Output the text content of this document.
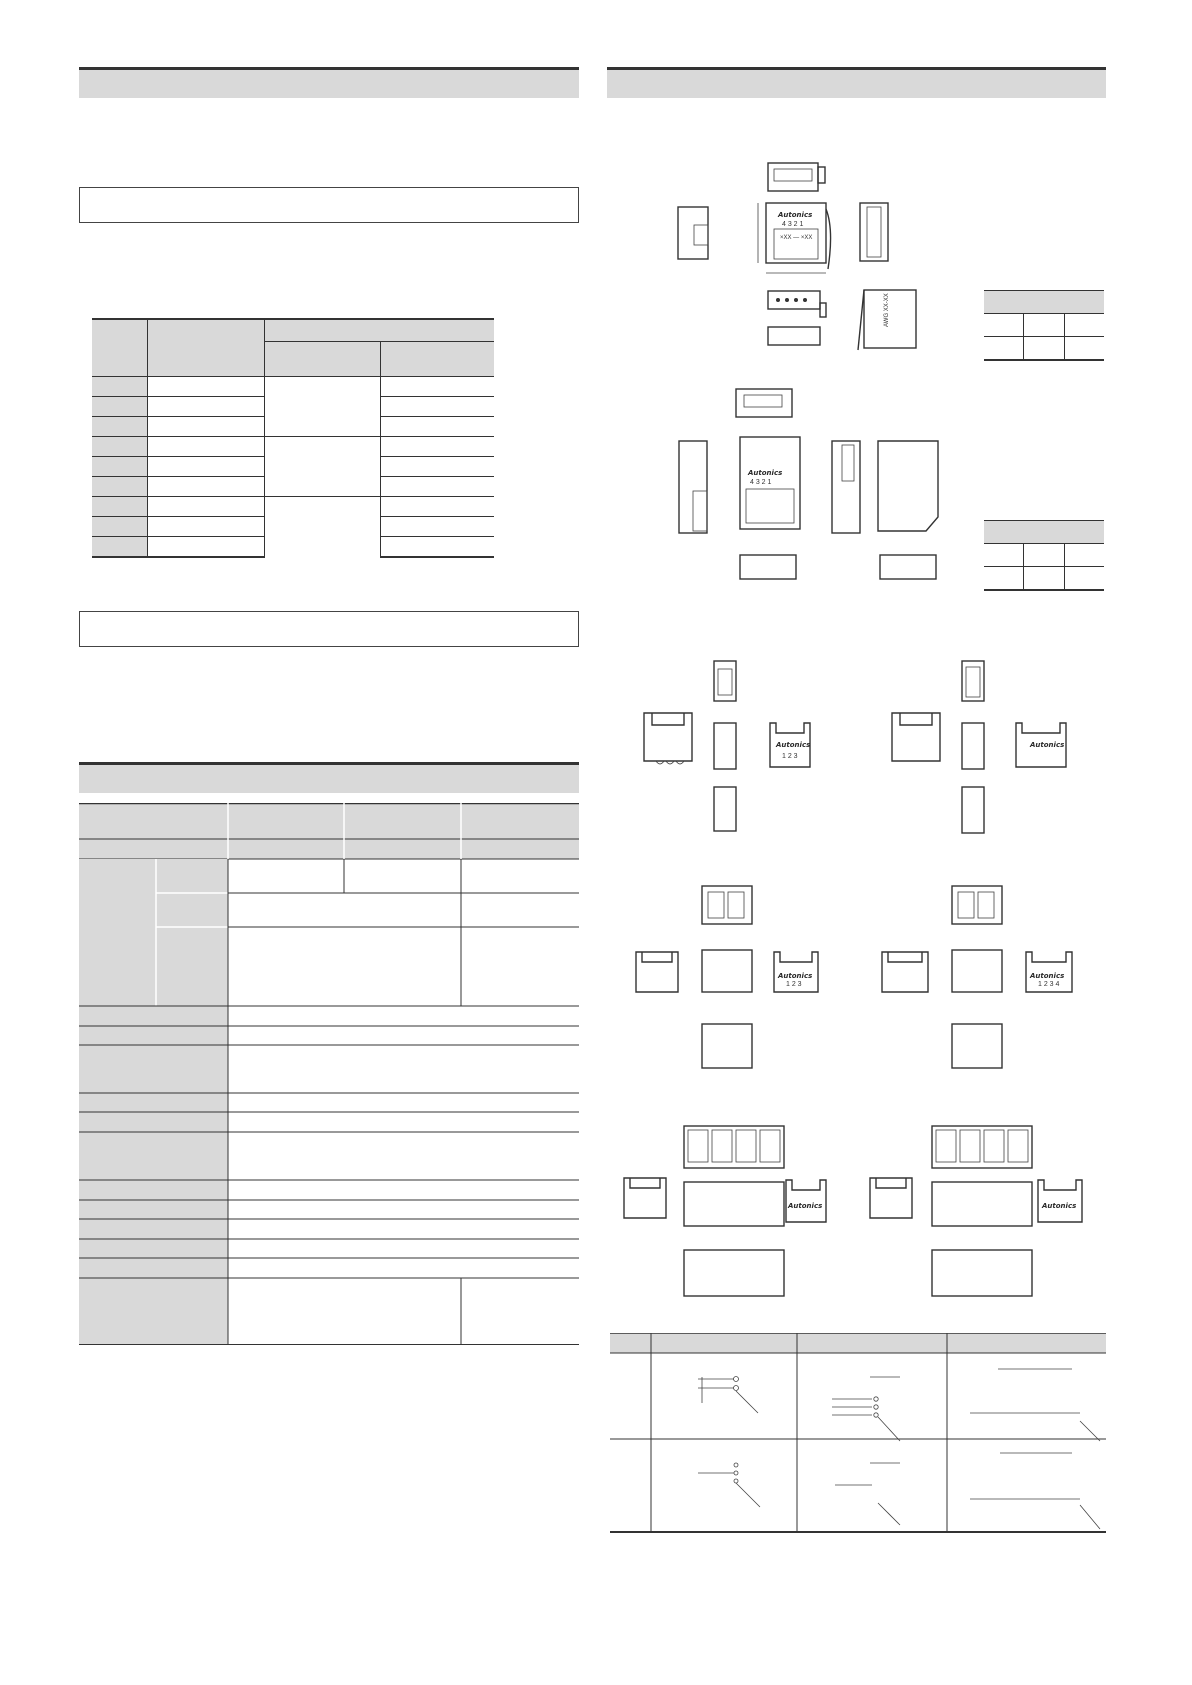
Autonics
4 3 2 1
×XX — ×XX
AWG XX-XX

Autonics
4 3 2 1

Autonics
1 2 3
Autonics
Autonics
1 2 3
Autonics
1 2 3 4
Autonics	Autonics
